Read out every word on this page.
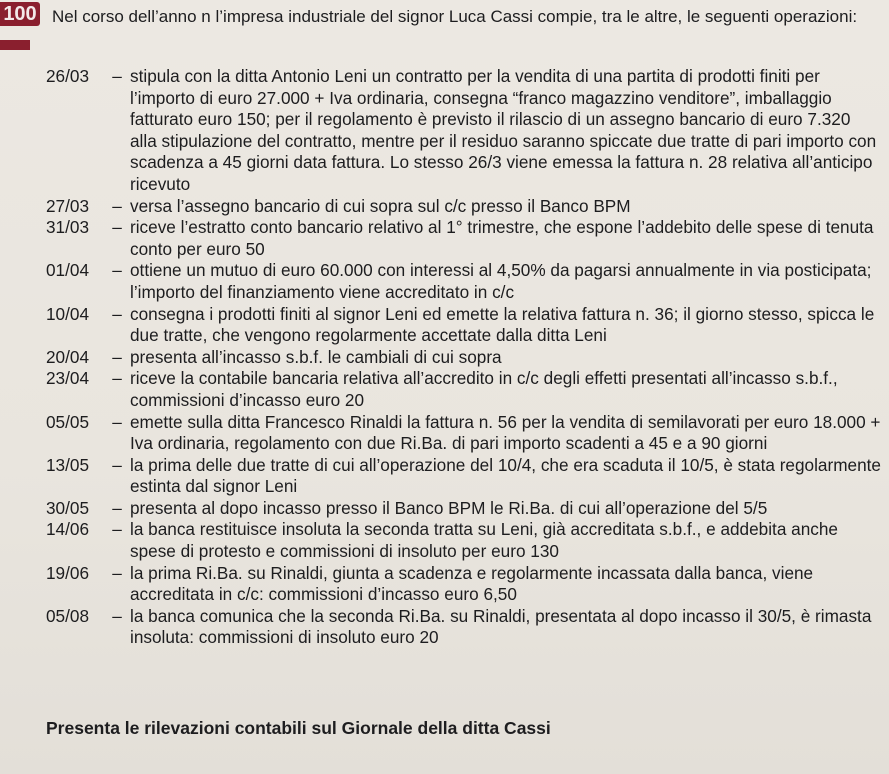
100 Nel corso dell’anno n l’impresa industriale del signor Luca Cassi compie, tra le altre, le seguenti operazioni:
26/03	– stipula con la ditta Antonio Leni un contratto per la vendita di una partita di prodotti finiti per l’importo di euro 27.000 + Iva ordinaria, consegna “franco magazzino venditore”, imballaggio fatturato euro 150; per il regolamento è previsto il rilascio di un assegno bancario di euro 7.320 alla stipulazione del contratto, mentre per il residuo saranno spiccate due tratte di pari importo con scadenza a 45 giorni data fattura. Lo stesso 26/3 viene emessa la fattura n. 28 relativa all’anticipo ricevuto
27/03	– versa l’assegno bancario di cui sopra sul c/c presso il Banco BPM
31/03	– riceve l’estratto conto bancario relativo al 1° trimestre, che espone l’addebito delle spese di tenuta conto per euro 50
01/04	– ottiene un mutuo di euro 60.000 con interessi al 4,50% da pagarsi annualmente in via posticipata; l’importo del finanziamento viene accreditato in c/c
10/04	– consegna i prodotti finiti al signor Leni ed emette la relativa fattura n. 36; il giorno stesso, spicca le due tratte, che vengono regolarmente accettate dalla ditta Leni
20/04	– presenta all’incasso s.b.f. le cambiali di cui sopra
23/04	– riceve la contabile bancaria relativa all’accredito in c/c degli effetti presentati all’incasso s.b.f., commissioni d’incasso euro 20
05/05	– emette sulla ditta Francesco Rinaldi la fattura n. 56 per la vendita di semilavorati per euro 18.000 + Iva ordinaria, regolamento con due Ri.Ba. di pari importo scadenti a 45 e a 90 giorni
13/05	– la prima delle due tratte di cui all’operazione del 10/4, che era scaduta il 10/5, è stata regolarmente estinta dal signor Leni
30/05	– presenta al dopo incasso presso il Banco BPM le Ri.Ba. di cui all’operazione del 5/5
14/06	– la banca restituisce insoluta la seconda tratta su Leni, già accreditata s.b.f., e addebita anche spese di protesto e commissioni di insoluto per euro 130
19/06	– la prima Ri.Ba. su Rinaldi, giunta a scadenza e regolarmente incassata dalla banca, viene accreditata in c/c: commissioni d’incasso euro 6,50
05/08	– la banca comunica che la seconda Ri.Ba. su Rinaldi, presentata al dopo incasso il 30/5, è rimasta insoluta: commissioni di insoluto euro 20
Presenta le rilevazioni contabili sul Giornale della ditta Cassi
